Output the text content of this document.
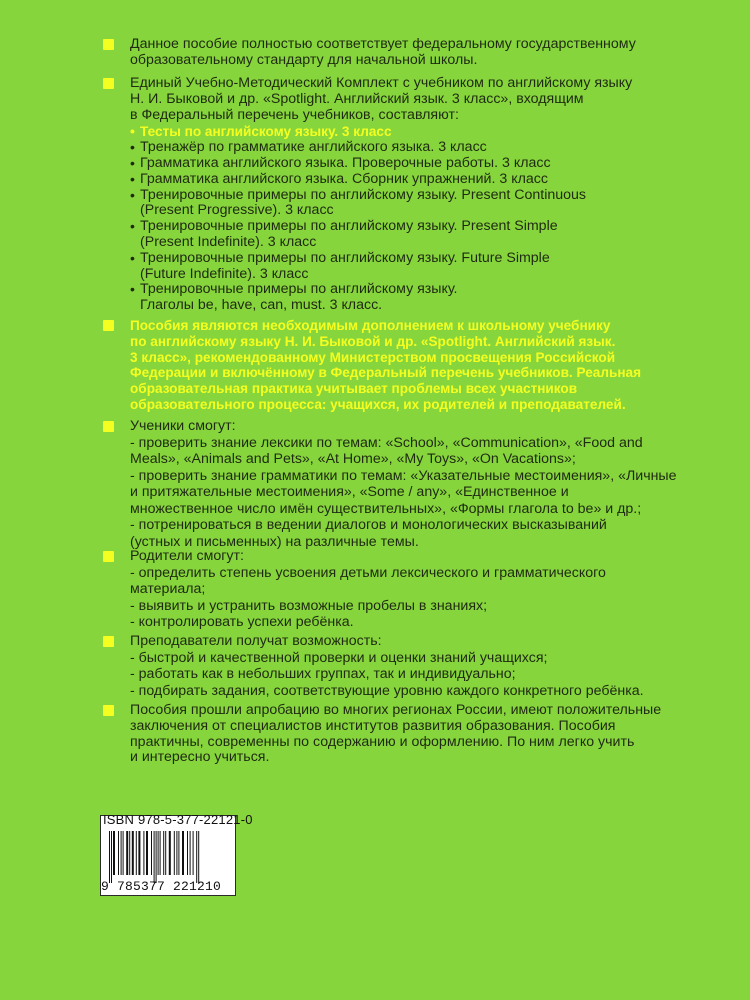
Данное пособие полностью соответствует федеральному государственному
образовательному стандарту для начальной школы.
Единый Учебно-Методический Комплект с учебником по английскому языку
Н. И. Быковой и др. «Spotlight. Английский язык. 3 класс», входящим
в Федеральный перечень учебников, составляют:
• Тесты по английскому языку. 3 класс
• Тренажёр по грамматике английского языка. 3 класс
• Грамматика английского языка. Проверочные работы. 3 класс
• Грамматика английского языка. Сборник упражнений. 3 класс
• Тренировочные примеры по английскому языку. Present Continuous
(Present Progressive). 3 класс
• Тренировочные примеры по английскому языку. Present Simple
(Present Indefinite). 3 класс
• Тренировочные примеры по английскому языку. Future Simple
(Future Indefinite). 3 класс
• Тренировочные примеры по английскому языку.
Глаголы be, have, can, must. 3 класс.
Пособия являются необходимым дополнением к школьному учебнику
по английскому языку Н. И. Быковой и др. «Spotlight. Английский язык.
3 класс», рекомендованному Министерством просвещения Российской
Федерации и включённому в Федеральный перечень учебников. Реальная
образовательная практика учитывает проблемы всех участников
образовательного процесса: учащихся, их родителей и преподавателей.
Ученики смогут:
- проверить знание лексики по темам: «School», «Communication», «Food and
Meals», «Animals and Pets», «At Home», «My Toys», «On Vacations»;
- проверить знание грамматики по темам: «Указательные местоимения», «Личные
и притяжательные местоимения», «Some / any», «Единственное и
множественное число имён существительных», «Формы глагола to be» и др.;
- потренироваться в ведении диалогов и монологических высказываний
(устных и письменных) на различные темы.
Родители смогут:
- определить степень усвоения детьми лексического и грамматического
материала;
- выявить и устранить возможные пробелы в знаниях;
- контролировать успехи ребёнка.
Преподаватели получат возможность:
- быстрой и качественной проверки и оценки знаний учащихся;
- работать как в небольших группах, так и индивидуально;
- подбирать задания, соответствующие уровню каждого конкретного ребёнка.
Пособия прошли апробацию во многих регионах России, имеют положительные
заключения от специалистов институтов развития образования. Пособия
практичны, современны по содержанию и оформлению. По ним легко учить
и интересно учиться.
ISBN 978-5-377-22121-0
9 785377 221210
